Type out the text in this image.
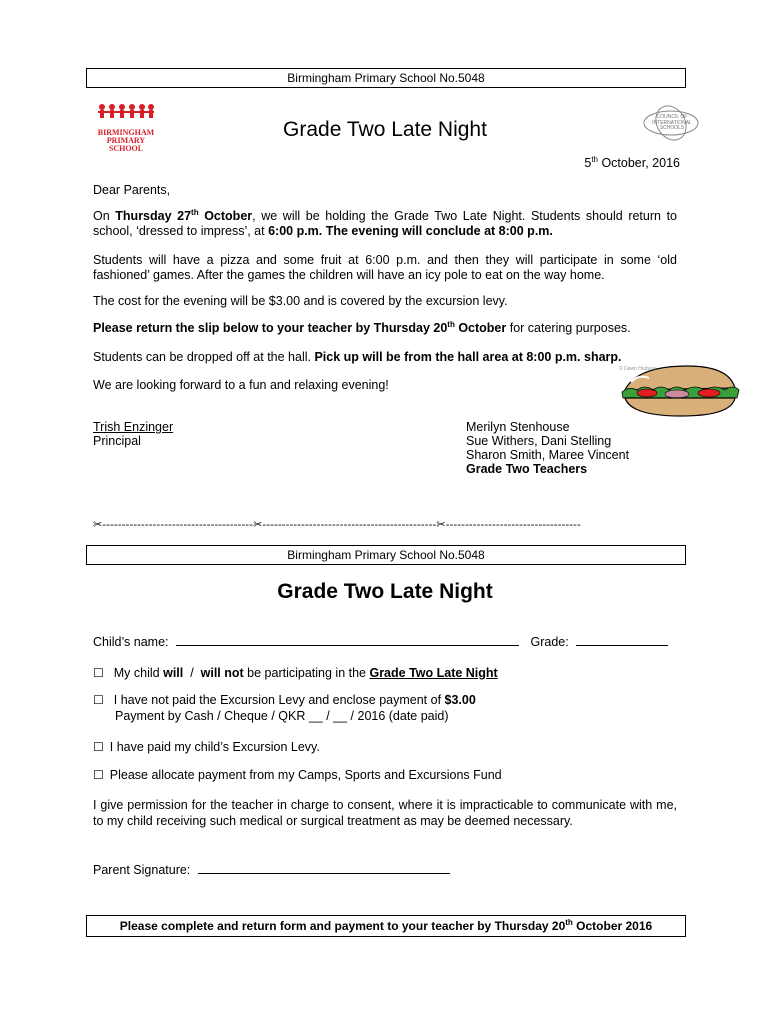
Birmingham Primary School No.5048
BIRMINGHAM
PRIMARY
SCHOOL
Grade Two Late Night
COUNCIL OF
INTERNATIONAL
SCHOOLS
5th October, 2016
Dear Parents,
On Thursday 27th October, we will be holding the Grade Two Late Night. Students should return to school, ‘dressed to impress’, at 6:00 p.m. The evening will conclude at 8:00 p.m.
Students will have a pizza and some fruit at 6:00 p.m. and then they will participate in some ‘old fashioned’ games. After the games the children will have an icy pole to eat on the way home.
The cost for the evening will be $3.00 and is covered by the excursion levy.
Please return the slip below to your teacher by Thursday 20th October for catering purposes.
Students can be dropped off at the hall. Pick up will be from the hall area at 8:00 p.m. sharp.
We are looking forward to a fun and relaxing evening!
© Dawn Hudson
Trish Enzinger
Principal
Merilyn Stenhouse
Sue Withers, Dani Stelling
Sharon Smith, Maree Vincent
Grade Two Teachers
✂---------------------------------------✂---------------------------------------------✂-----------------------------------
Birmingham Primary School No.5048
Grade Two Late Night
Child’s name:	Grade:
☐ My child will  /  will not be participating in the Grade Two Late Night
☐ I have not paid the Excursion Levy and enclose payment of $3.00
Payment by Cash / Cheque / QKR __ / __ / 2016 (date paid)
☐ I have paid my child’s Excursion Levy.
☐ Please allocate payment from my Camps, Sports and Excursions Fund
I give permission for the teacher in charge to consent, where it is impracticable to communicate with me, to my child receiving such medical or surgical treatment as may be deemed necessary.
Parent Signature:
Please complete and return form and payment to your teacher by Thursday 20th October 2016
